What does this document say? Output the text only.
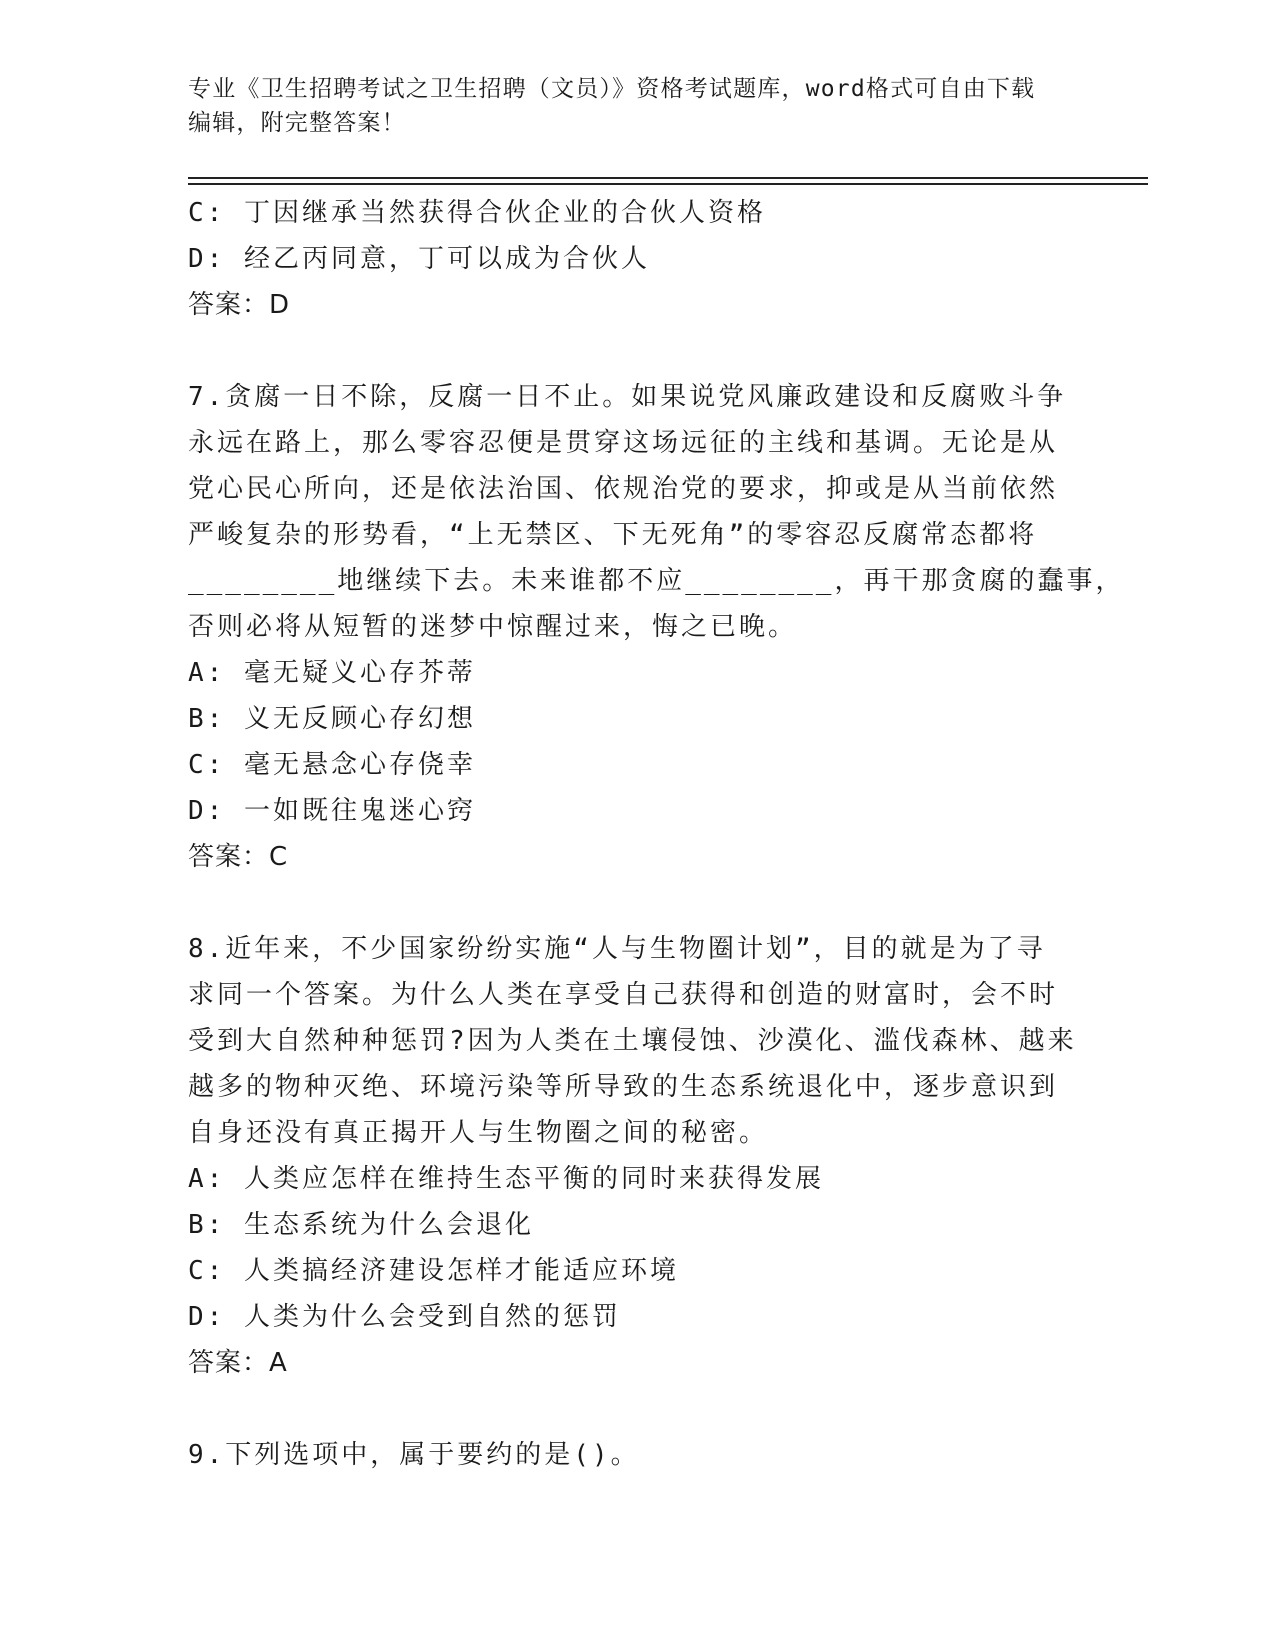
专业《卫生招聘考试之卫生招聘（文员）》资格考试题库，word格式可自由下载
编辑，附完整答案！
C: 丁因继承当然获得合伙企业的合伙人资格
D: 经乙丙同意，丁可以成为合伙人
答案：D
7.贪腐一日不除，反腐一日不止。如果说党风廉政建设和反腐败斗争
永远在路上，那么零容忍便是贯穿这场远征的主线和基调。无论是从
党心民心所向，还是依法治国、依规治党的要求，抑或是从当前依然
严峻复杂的形势看，“上无禁区、下无死角”的零容忍反腐常态都将
________地继续下去。未来谁都不应________，再干那贪腐的蠢事，
否则必将从短暂的迷梦中惊醒过来，悔之已晚。
A: 毫无疑义心存芥蒂
B: 义无反顾心存幻想
C: 毫无悬念心存侥幸
D: 一如既往鬼迷心窍
答案：C
8.近年来，不少国家纷纷实施“人与生物圈计划”，目的就是为了寻
求同一个答案。为什么人类在享受自己获得和创造的财富时，会不时
受到大自然种种惩罚?因为人类在土壤侵蚀、沙漠化、滥伐森林、越来
越多的物种灭绝、环境污染等所导致的生态系统退化中，逐步意识到
自身还没有真正揭开人与生物圈之间的秘密。
A: 人类应怎样在维持生态平衡的同时来获得发展
B: 生态系统为什么会退化
C: 人类搞经济建设怎样才能适应环境
D: 人类为什么会受到自然的惩罚
答案：A
9.下列选项中，属于要约的是()。
